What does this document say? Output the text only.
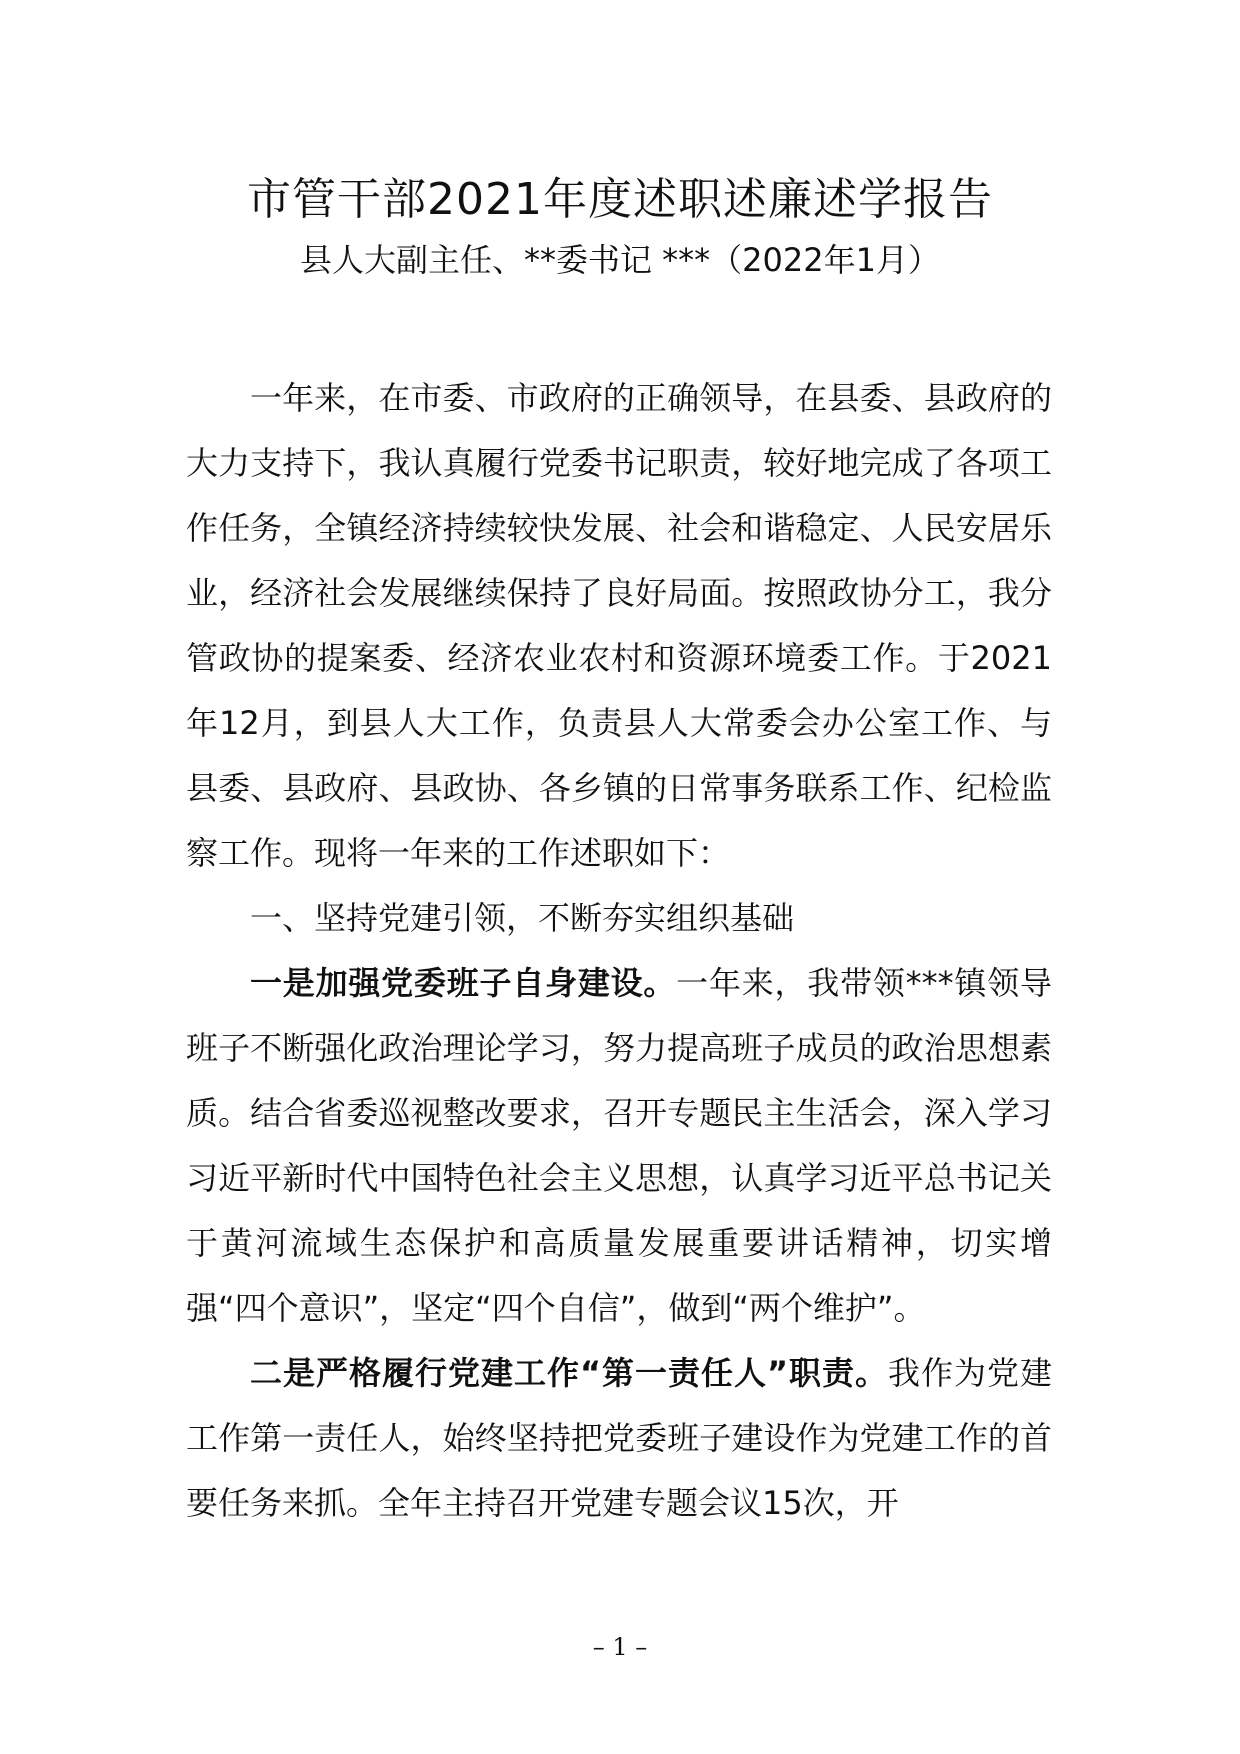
市管干部2021年度述职述廉述学报告
县人大副主任、**委书记 ***（2022年1月）

一年来，在市委、市政府的正确领导，在县委、县政府的大力支持下，我认真履行党委书记职责，较好地完成了各项工作任务，全镇经济持续较快发展、社会和谐稳定、人民安居乐业，经济社会发展继续保持了良好局面。按照政协分工，我分管政协的提案委、经济农业农村和资源环境委工作。于2021年12月，到县人大工作，负责县人大常委会办公室工作、与县委、县政府、县政协、各乡镇的日常事务联系工作、纪检监察工作。现将一年来的工作述职如下：

一、坚持党建引领，不断夯实组织基础

一是加强党委班子自身建设。一年来，我带领***镇领导班子不断强化政治理论学习，努力提高班子成员的政治思想素质。结合省委巡视整改要求，召开专题民主生活会，深入学习习近平新时代中国特色社会主义思想，认真学习近平总书记关于黄河流域生态保护和高质量发展重要讲话精神，切实增强“四个意识”，坚定“四个自信”，做到“两个维护”。

二是严格履行党建工作“第一责任人”职责。我作为党建工作第一责任人，始终坚持把党委班子建设作为党建工作的首要任务来抓。全年主持召开党建专题会议15次，开

– 1 –
